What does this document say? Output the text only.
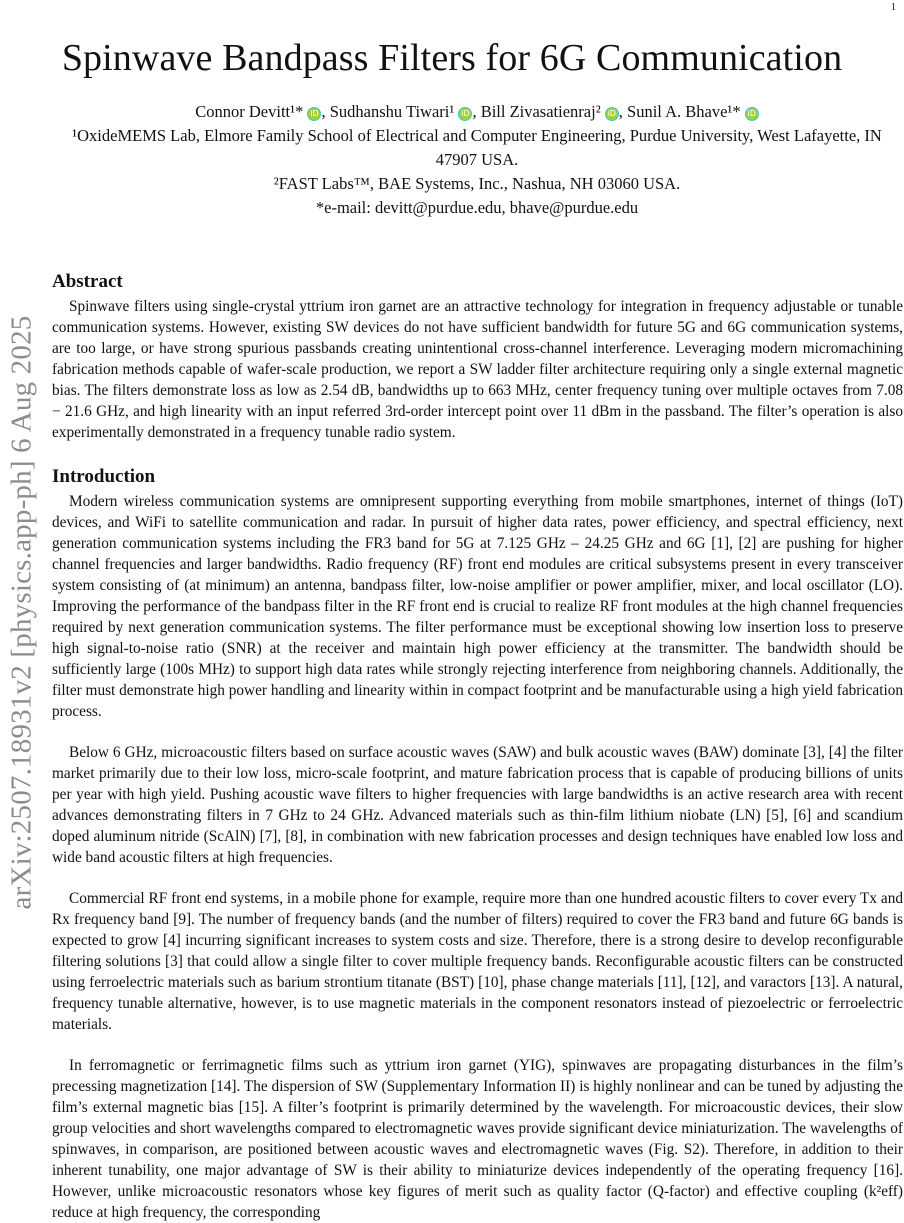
1
arXiv:2507.18931v2 [physics.app-ph] 6 Aug 2025
Spinwave Bandpass Filters for 6G Communication

Connor Devitt¹* iD , Sudhanshu Tiwari¹ iD , Bill Zivasatienraj² iD , Sunil A. Bhave¹* iD

¹OxideMEMS Lab, Elmore Family School of Electrical and Computer Engineering, Purdue University, West Lafayette, IN 47907 USA.

²FAST Labs™, BAE Systems, Inc., Nashua, NH 03060 USA.

*e-mail: devitt@purdue.edu, bhave@purdue.edu

Abstract

Spinwave filters using single-crystal yttrium iron garnet are an attractive technology for integration in frequency adjustable or tunable communication systems. However, existing SW devices do not have sufficient bandwidth for future 5G and 6G communication systems, are too large, or have strong spurious passbands creating unintentional cross-channel interference. Leveraging modern micromachining fabrication methods capable of wafer-scale production, we report a SW ladder filter architecture requiring only a single external magnetic bias. The filters demonstrate loss as low as 2.54 dB, bandwidths up to 663 MHz, center frequency tuning over multiple octaves from 7.08 − 21.6 GHz, and high linearity with an input referred 3rd-order intercept point over 11 dBm in the passband. The filter’s operation is also experimentally demonstrated in a frequency tunable radio system.

Introduction

Modern wireless communication systems are omnipresent supporting everything from mobile smartphones, internet of things (IoT) devices, and WiFi to satellite communication and radar. In pursuit of higher data rates, power efficiency, and spectral efficiency, next generation communication systems including the FR3 band for 5G at 7.125 GHz – 24.25 GHz and 6G [1], [2] are pushing for higher channel frequencies and larger bandwidths. Radio frequency (RF) front end modules are critical subsystems present in every transceiver system consisting of (at minimum) an antenna, bandpass filter, low-noise amplifier or power amplifier, mixer, and local oscillator (LO). Improving the performance of the bandpass filter in the RF front end is crucial to realize RF front modules at the high channel frequencies required by next generation communication systems. The filter performance must be exceptional showing low insertion loss to preserve high signal-to-noise ratio (SNR) at the receiver and maintain high power efficiency at the transmitter. The bandwidth should be sufficiently large (100s MHz) to support high data rates while strongly rejecting interference from neighboring channels. Additionally, the filter must demonstrate high power handling and linearity within in compact footprint and be manufacturable using a high yield fabrication process.

Below 6 GHz, microacoustic filters based on surface acoustic waves (SAW) and bulk acoustic waves (BAW) dominate [3], [4] the filter market primarily due to their low loss, micro-scale footprint, and mature fabrication process that is capable of producing billions of units per year with high yield. Pushing acoustic wave filters to higher frequencies with large bandwidths is an active research area with recent advances demonstrating filters in 7 GHz to 24 GHz. Advanced materials such as thin-film lithium niobate (LN) [5], [6] and scandium doped aluminum nitride (ScAlN) [7], [8], in combination with new fabrication processes and design techniques have enabled low loss and wide band acoustic filters at high frequencies.

Commercial RF front end systems, in a mobile phone for example, require more than one hundred acoustic filters to cover every Tx and Rx frequency band [9]. The number of frequency bands (and the number of filters) required to cover the FR3 band and future 6G bands is expected to grow [4] incurring significant increases to system costs and size. Therefore, there is a strong desire to develop reconfigurable filtering solutions [3] that could allow a single filter to cover multiple frequency bands. Reconfigurable acoustic filters can be constructed using ferroelectric materials such as barium strontium titanate (BST) [10], phase change materials [11], [12], and varactors [13]. A natural, frequency tunable alternative, however, is to use magnetic materials in the component resonators instead of piezoelectric or ferroelectric materials.

In ferromagnetic or ferrimagnetic films such as yttrium iron garnet (YIG), spinwaves are propagating disturbances in the film’s precessing magnetization [14]. The dispersion of SW (Supplementary Information II) is highly nonlinear and can be tuned by adjusting the film’s external magnetic bias [15]. A filter’s footprint is primarily determined by the wavelength. For microacoustic devices, their slow group velocities and short wavelengths compared to electromagnetic waves provide significant device miniaturization. The wavelengths of spinwaves, in comparison, are positioned between acoustic waves and electromagnetic waves (Fig. S2). Therefore, in addition to their inherent tunability, one major advantage of SW is their ability to miniaturize devices independently of the operating frequency [16]. However, unlike microacoustic resonators whose key figures of merit such as quality factor (Q-factor) and effective coupling (k²eff) reduce at high frequency, the corresponding
